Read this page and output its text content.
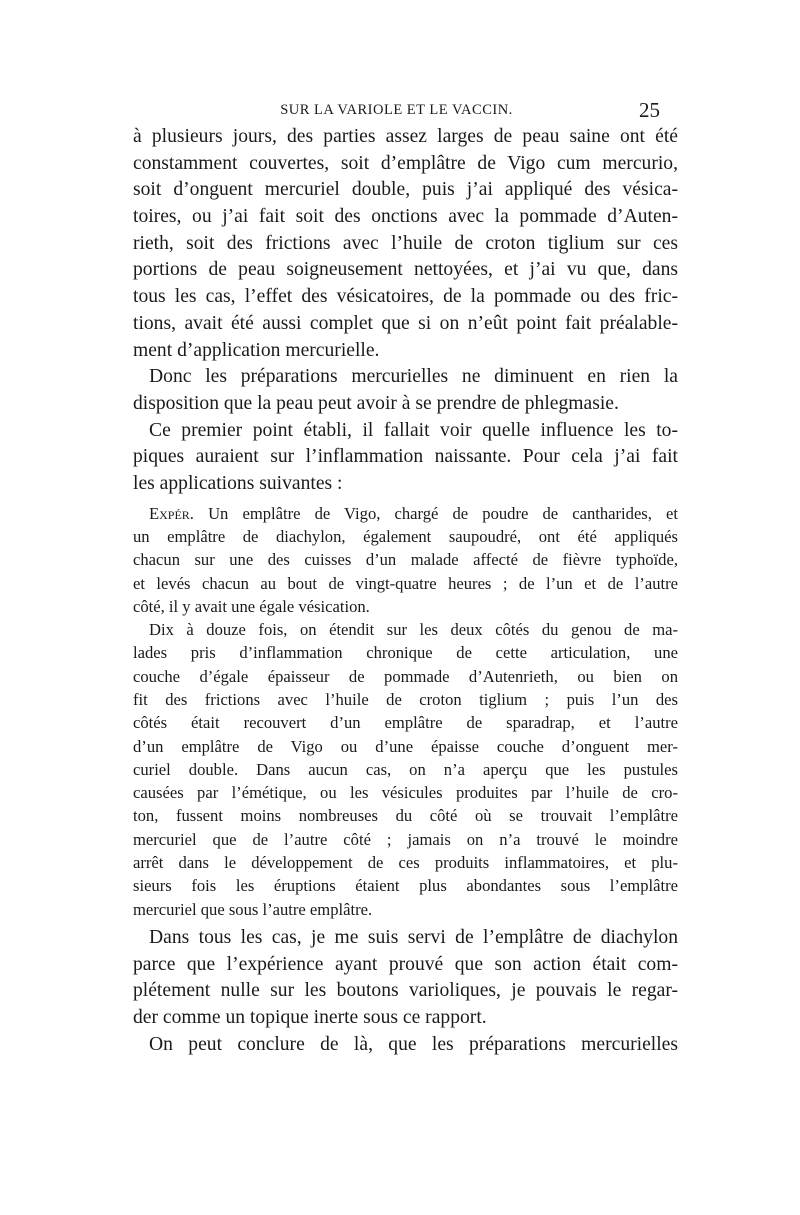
SUR LA VARIOLE ET LE VACCIN.	25
à plusieurs jours, des parties assez larges de peau saine ont été
constamment couvertes, soit d’emplâtre de Vigo cum mercurio,
soit d’onguent mercuriel double, puis j’ai appliqué des vésica-
toires, ou j’ai fait soit des onctions avec la pommade d’Auten-
rieth, soit des frictions avec l’huile de croton tiglium sur ces
portions de peau soigneusement nettoyées, et j’ai vu que, dans
tous les cas, l’effet des vésicatoires, de la pommade ou des fric-
tions, avait été aussi complet que si on n’eût point fait préalable-
ment d’application mercurielle.
Donc les préparations mercurielles ne diminuent en rien la
disposition que la peau peut avoir à se prendre de phlegmasie.
Ce premier point établi, il fallait voir quelle influence les to-
piques auraient sur l’inflammation naissante. Pour cela j’ai fait
les applications suivantes :
Expér. Un emplâtre de Vigo, chargé de poudre de cantharides, et
un emplâtre de diachylon, également saupoudré, ont été appliqués
chacun sur une des cuisses d’un malade affecté de fièvre typhoïde,
et levés chacun au bout de vingt-quatre heures ; de l’un et de l’autre
côté, il y avait une égale vésication.
Dix à douze fois, on étendit sur les deux côtés du genou de ma-
lades pris d’inflammation chronique de cette articulation, une
couche d’égale épaisseur de pommade d’Autenrieth, ou bien on
fit des frictions avec l’huile de croton tiglium ; puis l’un des
côtés était recouvert d’un emplâtre de sparadrap, et l’autre
d’un emplâtre de Vigo ou d’une épaisse couche d’onguent mer-
curiel double. Dans aucun cas, on n’a aperçu que les pustules
causées par l’émétique, ou les vésicules produites par l’huile de cro-
ton, fussent moins nombreuses du côté où se trouvait l’emplâtre
mercuriel que de l’autre côté ; jamais on n’a trouvé le moindre
arrêt dans le développement de ces produits inflammatoires, et plu-
sieurs fois les éruptions étaient plus abondantes sous l’emplâtre
mercuriel que sous l’autre emplâtre.
Dans tous les cas, je me suis servi de l’emplâtre de diachylon
parce que l’expérience ayant prouvé que son action était com-
plétement nulle sur les boutons varioliques, je pouvais le regar-
der comme un topique inerte sous ce rapport.
On peut conclure de là, que les préparations mercurielles
